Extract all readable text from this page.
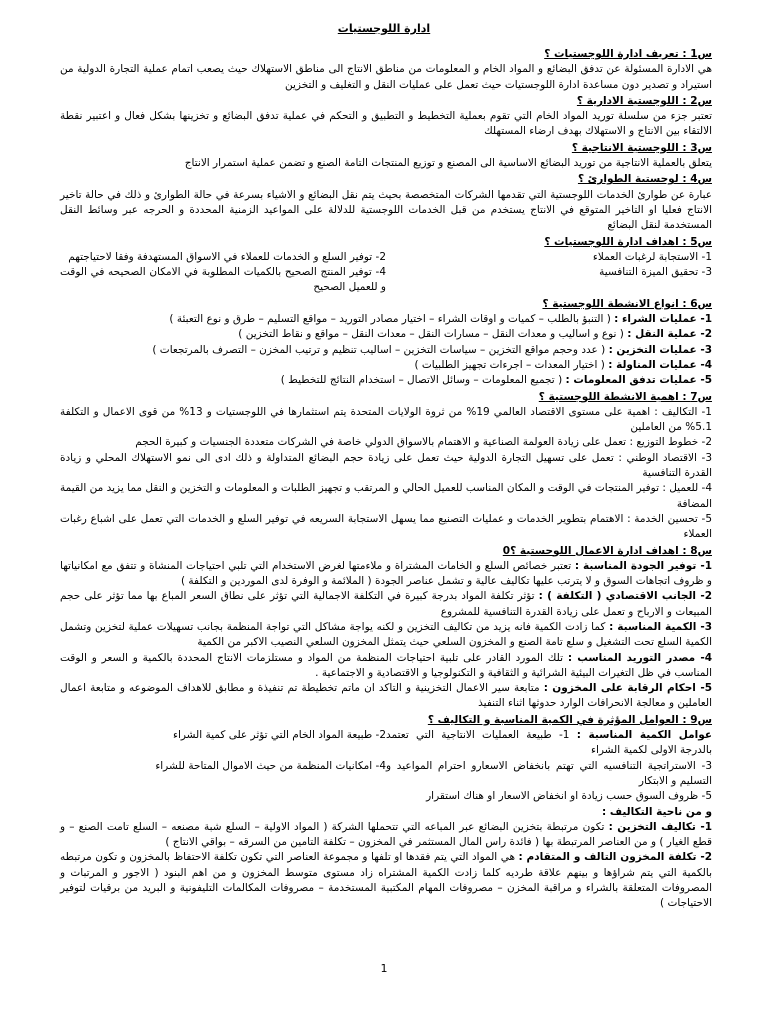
ادارة اللوجستيات
س1 : تعريف ادارة اللوجستيات ؟

هي الادارة المسئولة عن تدفق البضائع و المواد الخام و المعلومات من مناطق الانتاج الى مناطق الاستهلاك حيث يصعب اتمام عملية التجارة الدولية من استيراد و تصدير دون مساعدة ادارة اللوجستيات حيث تعمل على عمليات النقل و التغليف و التخزين

س2 : اللوجستية الادارية ؟

تعتبر جزء من سلسلة توريد المواد الخام التي تقوم بعملية التخطيط و التطبيق و التحكم في عملية تدفق البضائع و تخزينها بشكل فعال و اعتبير نقطة الالتقاء بين الانتاج و الاستهلاك بهدف ارضاء المستهلك

س3 : اللوجستية الانتاجية ؟

يتعلق بالعملية الانتاجية من توريد البضائع الاساسية الى المصنع و توزيع المنتجات التامة الصنع و تضمن عملية استمرار الانتاج

س4 : لوجستية الطوارئ ؟

عبارة عن طوارئ الخدمات اللوجستية التي تقدمها الشركات المتخصصة بحيث يتم نقل البضائع و الاشياء بسرعة في حالة الطوارئ و ذلك في حالة تاخير الانتاج فعليا او التاخير المتوقع في الانتاج يستخدم من قبل الخدمات اللوجستية للدلالة على المواعيد الزمنية المحددة و الحرجه عبر وسائط النقل المستخدمة لنقل البضائع

س5 : اهداف ادارة اللوجستيات ؟
1- الاستجابة لرغبات العملاء
2- توفير السلع و الخدمات للعملاء في الاسواق المستهدفة وفقا لاحتياجتهم
3- تحقيق الميزة التنافسية
4- توفير المنتج الصحيح بالكميات المطلوبة في الامكان الصحيحه في الوقت و للعميل الصحيح
س6 : انواع الانشطة اللوجستية ؟
1- عمليات الشراء : ( التنبؤ بالطلب – كميات و اوقات الشراء – اختيار مصادر التوريد – مواقع التسليم – طرق و نوع التعبئة )
2- عملية النقل : ( نوع و اساليب و معدات النقل – مسارات النقل – معدات النقل – مواقع و نقاط التخزين )
3- عمليات التخزين : ( عدد وحجم مواقع التخزين – سياسات التخزين – اساليب تنظيم و ترتيب المخزن – التصرف بالمرتجعات )
4- عمليات المناولة : ( اختيار المعدات – اجرءات تجهيز الطلبيات )
5- عمليات تدفق المعلومات : ( تجميع المعلومات – وسائل الاتصال – استخدام النتائج للتخطيط )
س7 : اهمية الانشطة اللوجستية ؟
1- التكاليف : اهمية على مستوى الاقتصاد العالمي 19% من ثروة الولايات المتحدة يتم استثمارها في اللوجستيات و 13% من قوى الاعمال و التكلفة 5.1% من العاملين
2- خطوط التوزيع : تعمل على زيادة العولمة الصناعية و الاهتمام بالاسواق الدولي خاصة في الشركات متعددة الجنسيات و كبيرة الحجم
3- الاقتصاد الوطني : تعمل على تسهيل التجارة الدولية حيث تعمل على زيادة حجم البضائع المتداولة و ذلك ادى الى نمو الاستهلاك المحلي و زيادة القدرة التنافسية
4- للعميل : توفير المنتجات في الوقت و المكان المناسب للعميل الحالي و المرتقب و تجهيز الطلبات و المعلومات و التخزين و النقل مما يزيد من القيمة المضافة
5- تحسين الخدمة : الاهتمام بتطوير الخدمات و عمليات التصنيع مما يسهل الاستجابة السريعه في توفير السلع و الخدمات التي تعمل على اشباع رغبات العملاء
س8 : اهداف ادارة الاعمال اللوجستية ؟0
1- توفير الجودة المناسبة : تعتبر خصائص السلع و الخامات المشتراة و ملاءمتها لغرض الاستخدام التي تلبي احتياجات المنشاة و تتفق مع امكانياتها و ظروف اتجاهات السوق و لا يترتب عليها تكاليف عالية و تشمل عناصر الجودة ( الملائمة و الوفرة لدى الموردين و التكلفة )
2- الجانب الاقتصادي ( التكلفة ) : تؤثر تكلفة المواد بدرجة كبيرة في التكلفة الاجمالية التي تؤثر على نطاق السعر المباع بها مما تؤثر على حجم المبيعات و الارباح و تعمل على زيادة القدرة التنافسية للمشروع
3- الكمية المناسبة : كما زادت الكمية فانه يزيد من تكاليف التخزين و لكنه يواجة مشاكل التي تواجة المنظمة بجانب تسهيلات عملية لتخزين وتشمل الكمية السلع تحت التشغيل و سلع تامة الصنع و المخزون السلعي حيث يتمثل المخزون السلعي النصيب الاكبر من الكمية
4- مصدر التوريد المناسب : تلك المورد القادر على تلبية احتياجات المنظمة من المواد و مستلزمات الانتاج المحددة بالكمية و السعر و الوقت المناسب في ظل التغيرات البيئية الشرائية و الثقافية و التكنولوجيا و الاقتصادية و الاجتماعية .
5- احكام الرقابة على المخزون : متابعة سير الاعمال التخزينية و التاكد ان ماتم تخطيطة تم تنفيذة و مطابق للاهداف الموضوعه و متابعة اعمال العاملين و معالجة الانحرافات الوارد حدوثها اثناء التنفيذ
س9 : العوامل المؤثرة في الكمية المناسبة و التكاليف ؟
عوامل الكمية المناسبة : 1- طبيعة العمليات الانتاجية التي تعتمد بالدرجة الاولى لكمية الشراء
2- طبيعة المواد الخام التي تؤثر على كمية الشراء
3- الاستراتجية التنافسيه التي تهتم بانخفاض الاسعارو احترام المواعيد و التسليم و الابتكار
4- امكانيات المنظمة من حيث الاموال المتاحة للشراء
5- ظروف السوق حسب زيادة او انخفاض الاسعار او هناك استقرار
و من ناحية التكاليف :
1- تكاليف التخزين : تكون مرتبطة بتخزين البضائع عبر المباعه التي تتحملها الشركة ( المواد الاولية – السلع شبة مصنعه – السلع تامت الصنع – و قطع الغيار ) و من العناصر المرتبطة بها ( فائدة راس المال المستثمر في المخزون – تكلفة التامين من السرقه – بواقي الانتاج )
2- تكلفة المخزون التالف و المتقادم : هي المواد التي يتم فقدها او تلفها و مجموعة العناصر التي تكون تكلفة الاحتفاظ بالمخزون و تكون مرتبطه بالكمية التي يتم شراؤها و بينهم علاقة طرديه كلما زادت الكمية المشتراه زاد مستوى متوسط المخزون و من اهم البنود ( الاجور و المرتبات و المصروفات المتعلقة بالشراء و مراقبة المخزن – مصروفات المهام المكتبية المستخدمة – مصروفات المكالمات التليفونية و البريد من برقيات لتوفير الاحتياجات )
1
